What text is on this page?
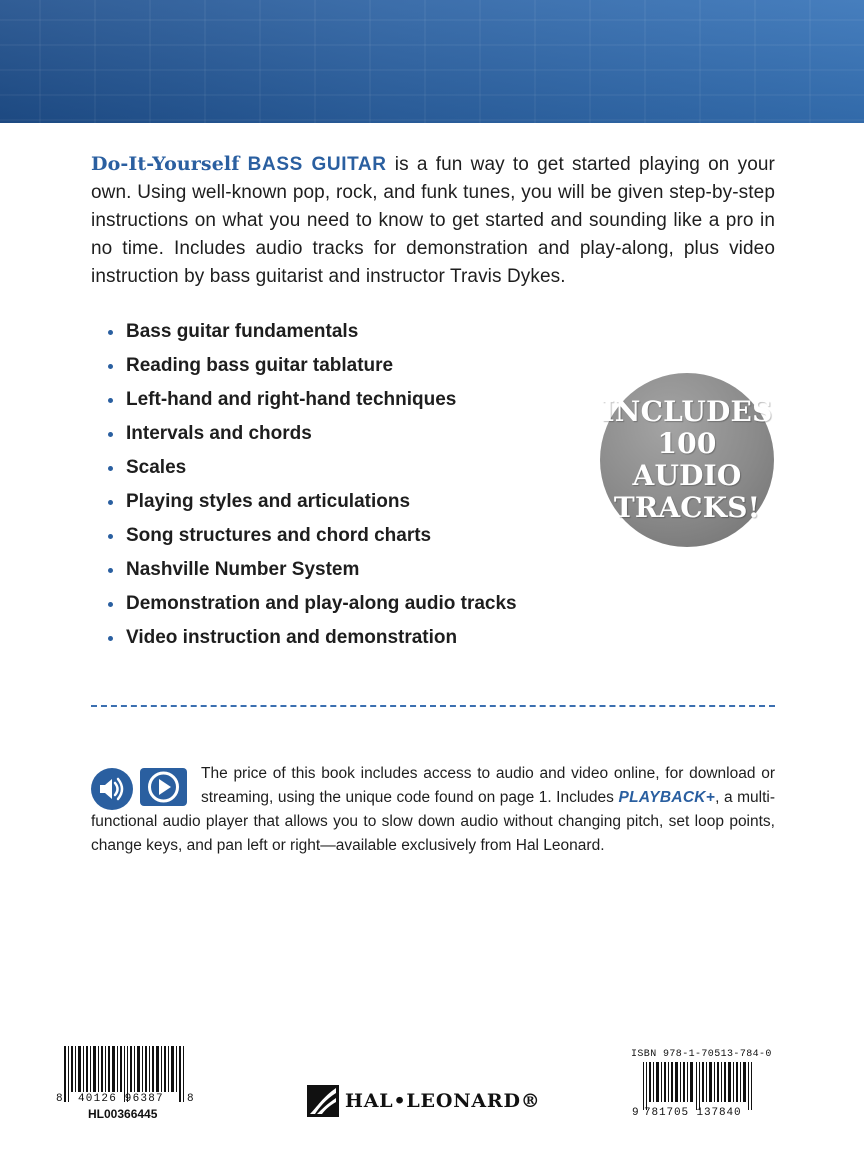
Do-It-Yourself BASS GUITAR is a fun way to get started playing on your own. Using well-known pop, rock, and funk tunes, you will be given step-by-step instructions on what you need to know to get started and sounding like a pro in no time. Includes audio tracks for demonstration and play-along, plus video instruction by bass guitarist and instructor Travis Dykes.

Bass guitar fundamentals
Reading bass guitar tablature
Left-hand and right-hand techniques
Intervals and chords
Scales
Playing styles and articulations
Song structures and chord charts
Nashville Number System
Demonstration and play-along audio tracks
Video instruction and demonstration
INCLUDES
100 AUDIO
TRACKS!

The price of this book includes access to audio and video online, for download or streaming, using the unique code found on page 1. Includes PLAYBACK+, a multi-functional audio player that allows you to slow down audio without changing pitch, set loop points, change keys, and pan left or right—available exclusively from Hal Leonard.

8 40126 96387 8
HL00366445
HAL•LEONARD®
ISBN 978-1-70513-784-0
9 781705 137840
